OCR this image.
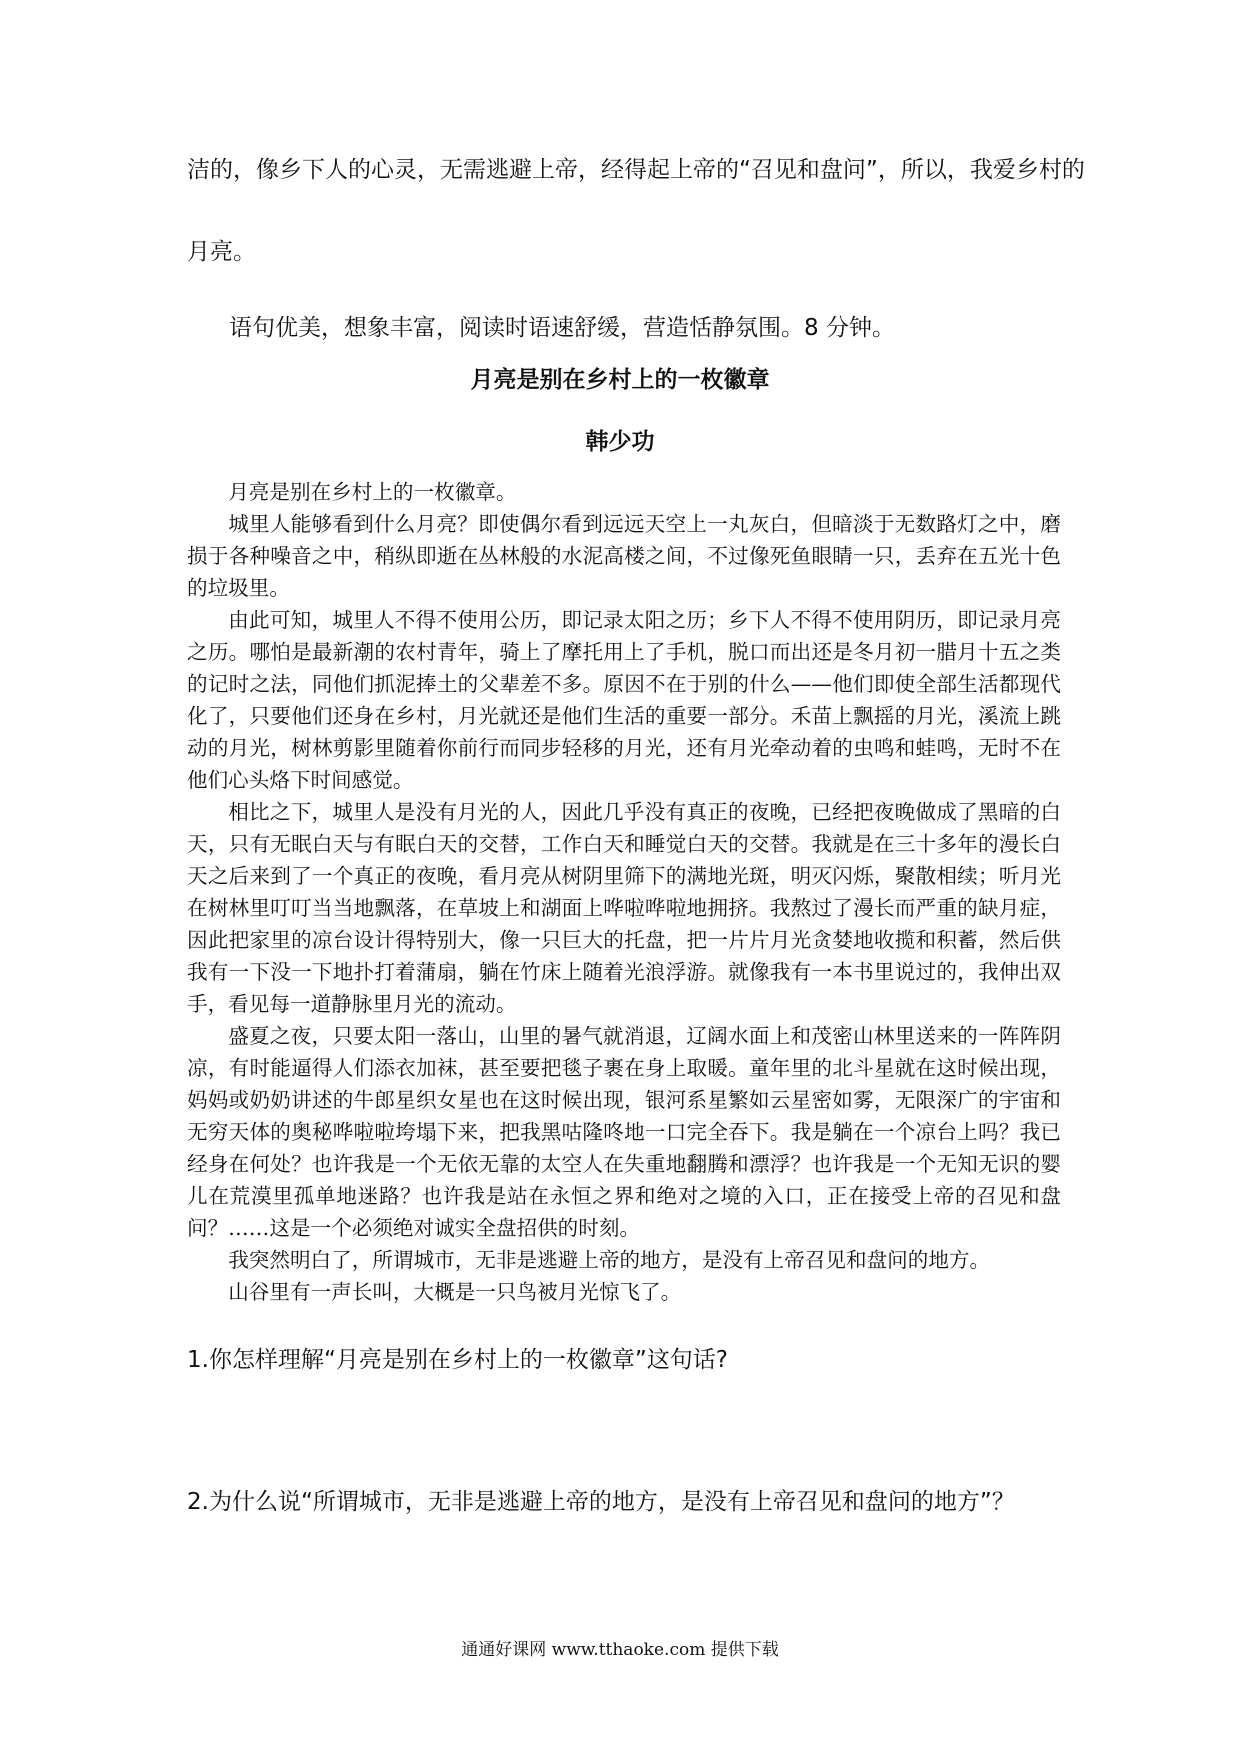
洁的，像乡下人的心灵，无需逃避上帝，经得起上帝的“召见和盘问”，所以，我爱乡村的

月亮。

语句优美，想象丰富，阅读时语速舒缓，营造恬静氛围。8 分钟。

月亮是别在乡村上的一枚徽章
韩少功

月亮是别在乡村上的一枚徽章。

城里人能够看到什么月亮？即使偶尔看到远远天空上一丸灰白，但暗淡于无数路灯之中，磨损于各种噪音之中，稍纵即逝在丛林般的水泥高楼之间，不过像死鱼眼睛一只，丢弃在五光十色的垃圾里。

由此可知，城里人不得不使用公历，即记录太阳之历；乡下人不得不使用阴历，即记录月亮之历。哪怕是最新潮的农村青年，骑上了摩托用上了手机，脱口而出还是冬月初一腊月十五之类的记时之法，同他们抓泥捧土的父辈差不多。原因不在于别的什么——他们即使全部生活都现代化了，只要他们还身在乡村，月光就还是他们生活的重要一部分。禾苗上飘摇的月光，溪流上跳动的月光，树林剪影里随着你前行而同步轻移的月光，还有月光牵动着的虫鸣和蛙鸣，无时不在他们心头烙下时间感觉。

相比之下，城里人是没有月光的人，因此几乎没有真正的夜晚，已经把夜晚做成了黑暗的白天，只有无眠白天与有眠白天的交替，工作白天和睡觉白天的交替。我就是在三十多年的漫长白天之后来到了一个真正的夜晚，看月亮从树阴里筛下的满地光斑，明灭闪烁，聚散相续；听月光在树林里叮叮当当地飘落，在草坡上和湖面上哗啦哗啦地拥挤。我熬过了漫长而严重的缺月症，因此把家里的凉台设计得特别大，像一只巨大的托盘，把一片片月光贪婪地收揽和积蓄，然后供我有一下没一下地扑打着蒲扇，躺在竹床上随着光浪浮游。就像我有一本书里说过的，我伸出双手，看见每一道静脉里月光的流动。

盛夏之夜，只要太阳一落山，山里的暑气就消退，辽阔水面上和茂密山林里送来的一阵阵阴凉，有时能逼得人们添衣加袜，甚至要把毯子裹在身上取暖。童年里的北斗星就在这时候出现，妈妈或奶奶讲述的牛郎星织女星也在这时候出现，银河系星繁如云星密如雾，无限深广的宇宙和无穷天体的奥秘哗啦啦垮塌下来，把我黑咕隆咚地一口完全吞下。我是躺在一个凉台上吗？我已经身在何处？也许我是一个无依无靠的太空人在失重地翻腾和漂浮？也许我是一个无知无识的婴儿在荒漠里孤单地迷路？也许我是站在永恒之界和绝对之境的入口，正在接受上帝的召见和盘问？……这是一个必须绝对诚实全盘招供的时刻。

我突然明白了，所谓城市，无非是逃避上帝的地方，是没有上帝召见和盘问的地方。

山谷里有一声长叫，大概是一只鸟被月光惊飞了。

1.你怎样理解“月亮是别在乡村上的一枚徽章”这句话?

2.为什么说“所谓城市，无非是逃避上帝的地方，是没有上帝召见和盘问的地方”？

通通好课网 www.tthaoke.com 提供下载
